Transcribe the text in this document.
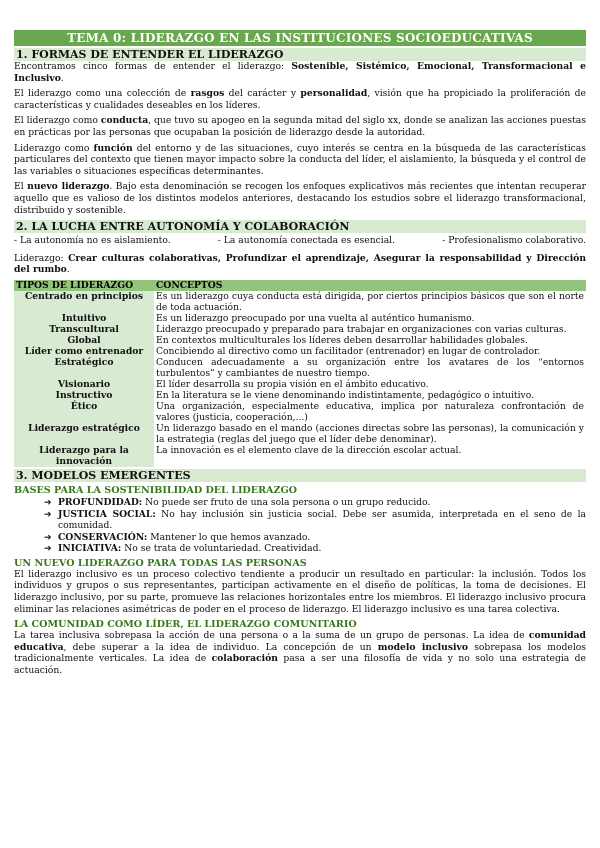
TEMA 0: LIDERAZGO EN LAS INSTITUCIONES SOCIOEDUCATIVAS
1. FORMAS DE ENTENDER EL LIDERAZGO

Encontramos cinco formas de entender el liderazgo: Sostenible, Sistémico, Emocional, Transformacional e Inclusivo.

El liderazgo como una colección de rasgos del carácter y personalidad, visión que ha propiciado la proliferación de características y cualidades deseables en los líderes.

El liderazgo como conducta, que tuvo su apogeo en la segunda mitad del siglo xx, donde se analizan las acciones puestas en prácticas por las personas que ocupaban la posición de liderazgo desde la autoridad.

Liderazgo como función del entorno y de las situaciones, cuyo interés se centra en la búsqueda de las características particulares del contexto que tienen mayor impacto sobre la conducta del líder, el aislamiento, la búsqueda y el control de las variables o situaciones específicas determinantes.

El nuevo liderazgo. Bajo esta denominación se recogen los enfoques explicativos más recientes que intentan recuperar aquello que es valioso de los distintos modelos anteriores, destacando los estudios sobre el liderazgo transformacional, distribuido y sostenible.

2. LA LUCHA ENTRE AUTONOMÍA Y COLABORACIÓN
- La autonomía no es aislamiento.	- La autonomía conectada es esencial.	- Profesionalismo colaborativo.

Liderazgo: Crear culturas colaborativas, Profundizar el aprendizaje, Asegurar la responsabilidad y Dirección del rumbo.

TIPOS DE LIDERAZGO	CONCEPTOS
Centrado en principios	Es un liderazgo cuya conducta está dirigida, por ciertos principios básicos que son el norte de toda actuación.
Intuitivo	Es un liderazgo preocupado por una vuelta al auténtico humanismo.
Transcultural	Liderazgo preocupado y preparado para trabajar en organizaciones con varias culturas.
Global	En contextos multiculturales los líderes deben desarrollar habilidades globales.
Líder como entrenador	Concibiendo al directivo como un facilitador (entrenador) en lugar de controlador.
Estratégico	Conducen adecuadamente a su organización entre los avatares de los “entornos turbulentos” y cambiantes de nuestro tiempo.
Visionario	El líder desarrolla su propia visión en el ámbito educativo.
Instructivo	En la literatura se le viene denominando indistintamente, pedagógico o intuitivo.
Ético	Una organización, especialmente educativa, implica por naturaleza confrontación de valores (justicia, cooperación,...)
Liderazgo estratégico	Un liderazgo basado en el mando (acciones directas sobre las personas), la comunicación y la estrategia (reglas del juego que el líder debe denominar).
Liderazgo para la innovación	La innovación es el elemento clave de la dirección escolar actual.
3. MODELOS EMERGENTES
BASES PARA LA SOSTENIBILIDAD DEL LIDERAZGO
➔ PROFUNDIDAD: No puede ser fruto de una sola persona o un grupo reducido.
➔ JUSTICIA SOCIAL: No hay inclusión sin justicia social. Debe ser asumida, interpretada en el seno de la comunidad.
➔ CONSERVACIÓN: Mantener lo que hemos avanzado.
➔ INICIATIVA: No se trata de voluntariedad. Creatividad.
UN NUEVO LIDERAZGO PARA TODAS LAS PERSONAS

El liderazgo inclusivo es un proceso colectivo tendiente a producir un resultado en particular: la inclusión. Todos los individuos y grupos o sus representantes, participan activamente en el diseño de políticas, la toma de decisiones. El liderazgo inclusivo, por su parte, promueve las relaciones horizontales entre los miembros. El liderazgo inclusivo procura eliminar las relaciones asimétricas de poder en el proceso de liderazgo. El liderazgo inclusivo es una tarea colectiva.

LA COMUNIDAD COMO LÍDER, EL LIDERAZGO COMUNITARIO

La tarea inclusiva sobrepasa la acción de una persona o a la suma de un grupo de personas. La idea de comunidad educativa, debe superar a la idea de individuo. La concepción de un modelo inclusivo sobrepasa los modelos tradicionalmente verticales. La idea de colaboración pasa a ser una filosofía de vida y no solo una estrategia de actuación.
